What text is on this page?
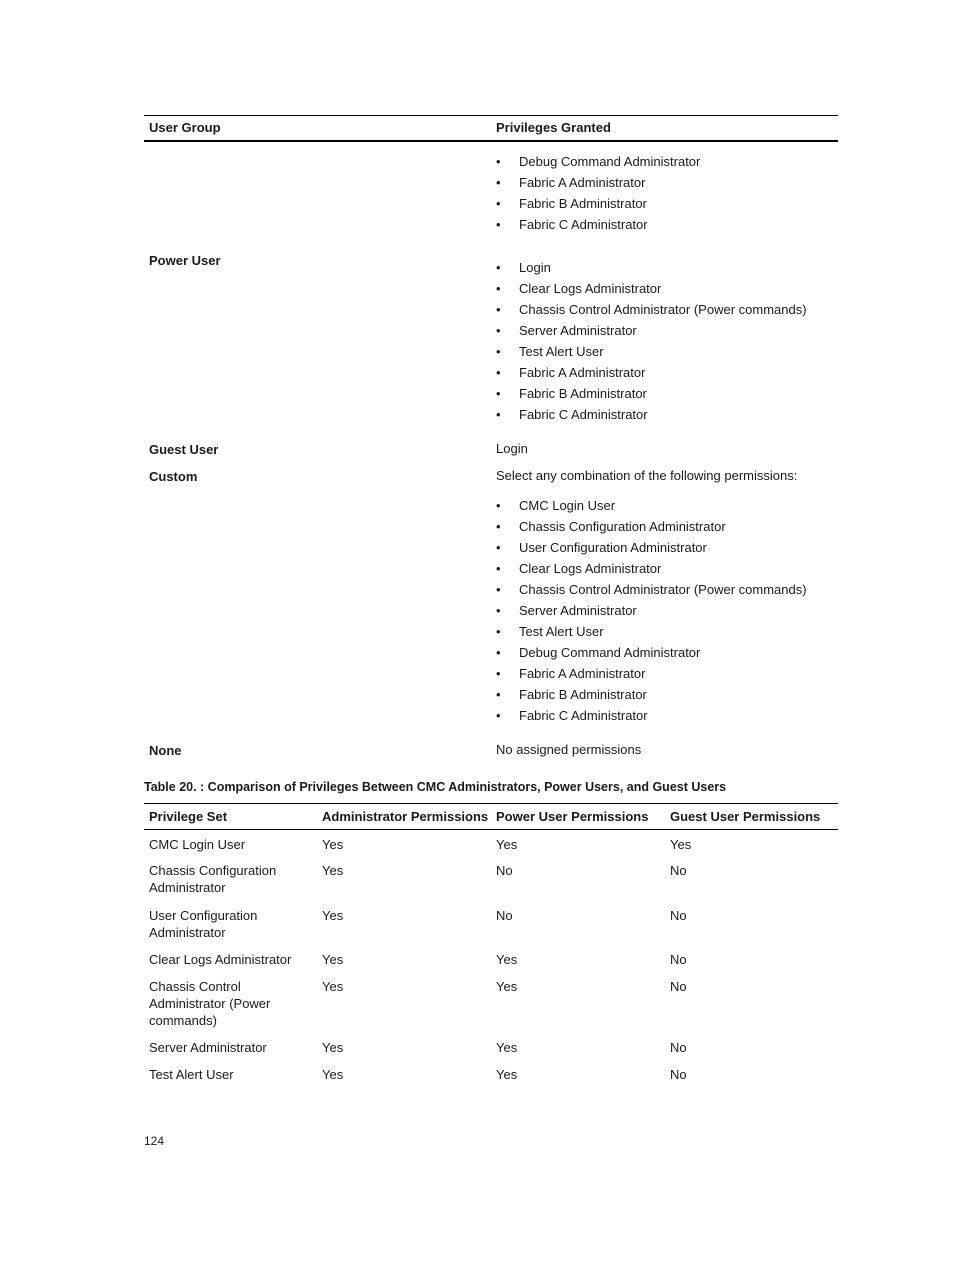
User Group	Privileges Granted
• Debug Command Administrator
• Fabric A Administrator
• Fabric B Administrator
• Fabric C Administrator
Power User
•	Login
• Clear Logs Administrator
• Chassis Control Administrator (Power commands)
• Server Administrator
• Test Alert User
• Fabric A Administrator
• Fabric B Administrator
• Fabric C Administrator
Guest User	Login
Custom	Select any combination of the following permissions:
• CMC Login User
• Chassis Configuration Administrator
• User Configuration Administrator
• Clear Logs Administrator
• Chassis Control Administrator (Power commands)
• Server Administrator
• Test Alert User
• Debug Command Administrator
• Fabric A Administrator
• Fabric B Administrator
• Fabric C Administrator
None	No assigned permissions
Table 20. : Comparison of Privileges Between CMC Administrators, Power Users, and Guest Users
Privilege Set	Administrator Permissions Power User Permissions Guest User Permissions
CMC Login User	Yes	Yes	Yes
Chassis Configuration Administrator
Yes	No	No
User Configuration Administrator
Yes	No	No
Clear Logs Administrator Yes	Yes	No
Chassis Control Administrator (Power commands)
Yes	Yes	No
Server Administrator	Yes	Yes	No
Test Alert User	Yes	Yes	No
124
